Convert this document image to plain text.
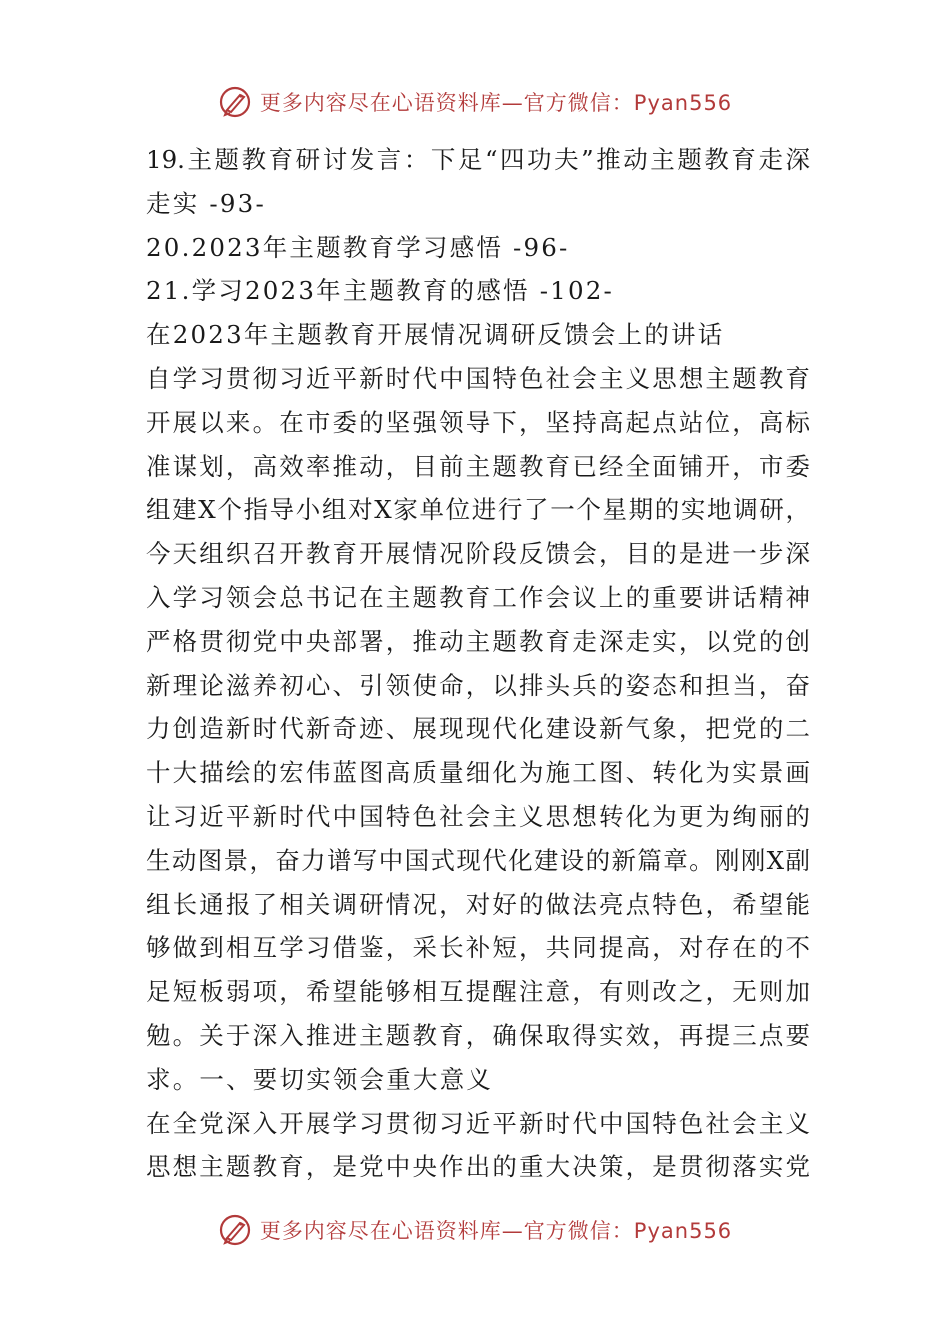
更多内容尽在心语资料库—官方微信：Pyan556
19.主题教育研讨发言：下足“四功夫”推动主题教育走深
走实 -93-
20.2023年主题教育学习感悟 -96-
21.学习2023年主题教育的感悟 -102-
在2023年主题教育开展情况调研反馈会上的讲话
自学习贯彻习近平新时代中国特色社会主义思想主题教育
开展以来。在市委的坚强领导下，坚持高起点站位，高标
准谋划，高效率推动，目前主题教育已经全面铺开，市委
组建X个指导小组对X家单位进行了一个星期的实地调研，
今天组织召开教育开展情况阶段反馈会，目的是进一步深
入学习领会总书记在主题教育工作会议上的重要讲话精神
严格贯彻党中央部署，推动主题教育走深走实，以党的创
新理论滋养初心、引领使命，以排头兵的姿态和担当，奋
力创造新时代新奇迹、展现现代化建设新气象，把党的二
十大描绘的宏伟蓝图高质量细化为施工图、转化为实景画
让习近平新时代中国特色社会主义思想转化为更为绚丽的
生动图景，奋力谱写中国式现代化建设的新篇章。刚刚X副
组长通报了相关调研情况，对好的做法亮点特色，希望能
够做到相互学习借鉴，采长补短，共同提高，对存在的不
足短板弱项，希望能够相互提醒注意，有则改之，无则加
勉。关于深入推进主题教育，确保取得实效，再提三点要
求。一、要切实领会重大意义
在全党深入开展学习贯彻习近平新时代中国特色社会主义
思想主题教育，是党中央作出的重大决策，是贯彻落实党
更多内容尽在心语资料库—官方微信：Pyan556
